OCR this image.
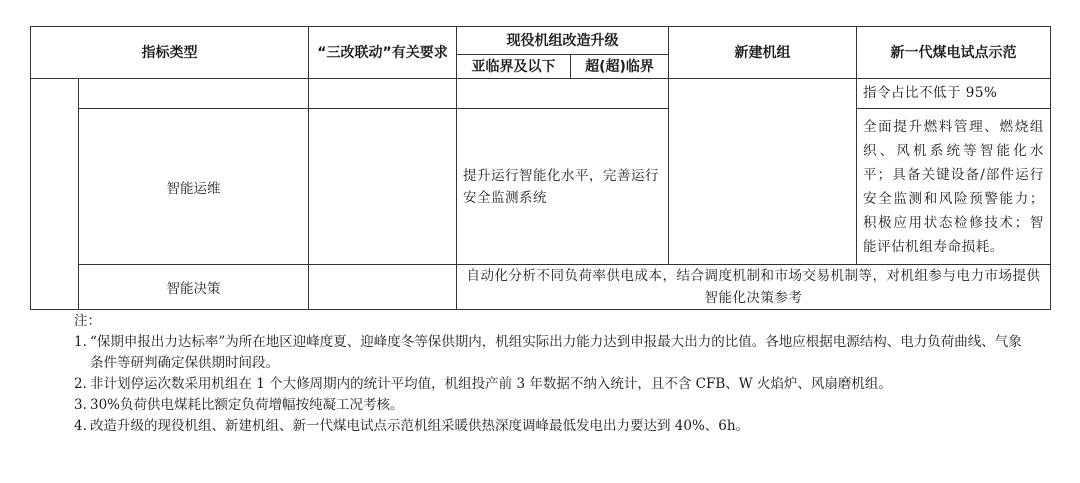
指标类型		“三改联动”有关要求	现役机组改造升级		新建机组	新一代煤电试点示范
			亚临界及以下	超(超)临界		
						指令占比不低于 95%
	智能运维		提升运行智能化水平，完善运行安全监测系统			全面提升燃料管理、燃烧组织、风机系统等智能化水平；具备关键设备/部件运行安全监测和风险预警能力；积极应用状态检修技术；智能评估机组寿命损耗。
	智能决策		自动化分析不同负荷率供电成本，结合调度机制和市场交易机制等，对机组参与电力市场提供智能化决策参考			

注：

1. “保期申报出力达标率”为所在地区迎峰度夏、迎峰度冬等保供期内，机组实际出力能力达到申报最大出力的比值。各地应根据电源结构、电力负荷曲线、气象条件等研判确定保供期时间段。
2. 非计划停运次数采用机组在 1 个大修周期内的统计平均值，机组投产前 3 年数据不纳入统计，且不含 CFB、W 火焰炉、风扇磨机组。
3. 30%负荷供电煤耗比额定负荷增幅按纯凝工况考核。
4. 改造升级的现役机组、新建机组、新一代煤电试点示范机组采暖供热深度调峰最低发电出力要达到 40%、6h。
